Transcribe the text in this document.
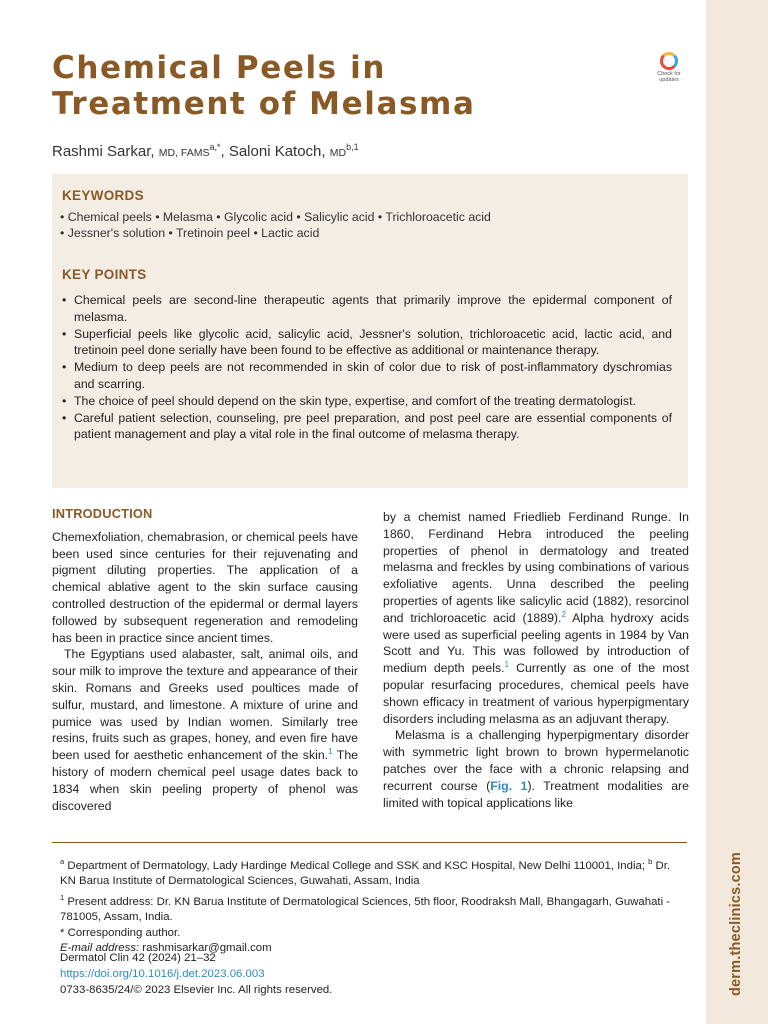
derm.theclinics.com
Check for updates
Chemical Peels in
Treatment of Melasma
Rashmi Sarkar, MD, $FAMS^{a,*}$, Saloni Katoch, MD$^{b,1}$
KEYWORDS
• Chemical peels • Melasma • Glycolic acid • Salicylic acid • Trichloroacetic acid
• Jessner's solution • Tretinoin peel • Lactic acid
KEY POINTS
• Chemical peels are second-line therapeutic agents that primarily improve the epidermal component of melasma.
• Superficial peels like glycolic acid, salicylic acid, Jessner's solution, trichloroacetic acid, lactic acid, and tretinoin peel done serially have been found to be effective as additional or maintenance therapy.
• Medium to deep peels are not recommended in skin of color due to risk of post-inflammatory dyschromias and scarring.
• The choice of peel should depend on the skin type, expertise, and comfort of the treating dermatologist.
• Careful patient selection, counseling, pre peel preparation, and post peel care are essential components of patient management and play a vital role in the final outcome of melasma therapy.
INTRODUCTION

Chemexfoliation, chemabrasion, or chemical peels have been used since centuries for their rejuvenating and pigment diluting properties. The application of a chemical ablative agent to the skin surface causing controlled destruction of the epidermal or dermal layers followed by subsequent regeneration and remodeling has been in practice since ancient times.

The Egyptians used alabaster, salt, animal oils, and sour milk to improve the texture and appearance of their skin. Romans and Greeks used poultices made of sulfur, mustard, and limestone. A mixture of urine and pumice was used by Indian women. Similarly tree resins, fruits such as grapes, honey, and even fire have been used for aesthetic enhancement of the skin.$^1$ The history of modern chemical peel usage dates back to 1834 when skin peeling property of phenol was discovered

by a chemist named Friedlieb Ferdinand Runge. In 1860, Ferdinand Hebra introduced the peeling properties of phenol in dermatology and treated melasma and freckles by using combinations of various exfoliative agents. Unna described the peeling properties of agents like salicylic acid (1882), resorcinol and trichloroacetic acid (1889).$^2$ Alpha hydroxy acids were used as superficial peeling agents in 1984 by Van Scott and Yu. This was followed by introduction of medium depth peels.$^1$ Currently as one of the most popular resurfacing procedures, chemical peels have shown efficacy in treatment of various hyperpigmentary disorders including melasma as an adjuvant therapy.

Melasma is a challenging hyperpigmentary disorder with symmetric light brown to brown hypermelanotic patches over the face with a chronic relapsing and recurrent course (Fig. 1). Treatment modalities are limited with topical applications like

$^a$ Department of Dermatology, Lady Hardinge Medical College and SSK and KSC Hospital, New Delhi 110001, India; $^b$ Dr. KN Barua Institute of Dermatological Sciences, Guwahati, Assam, India

$^1$ Present address: Dr. KN Barua Institute of Dermatological Sciences, 5th floor, Roodraksh Mall, Bhangagarh, Guwahati - 781005, Assam, India.

* Corresponding author.

E-mail address: rashmisarkar@gmail.com

Dermatol Clin 42 (2024) 21–32

https://doi.org/10.1016/j.det.2023.06.003

0733-8635/24/© 2023 Elsevier Inc. All rights reserved.
